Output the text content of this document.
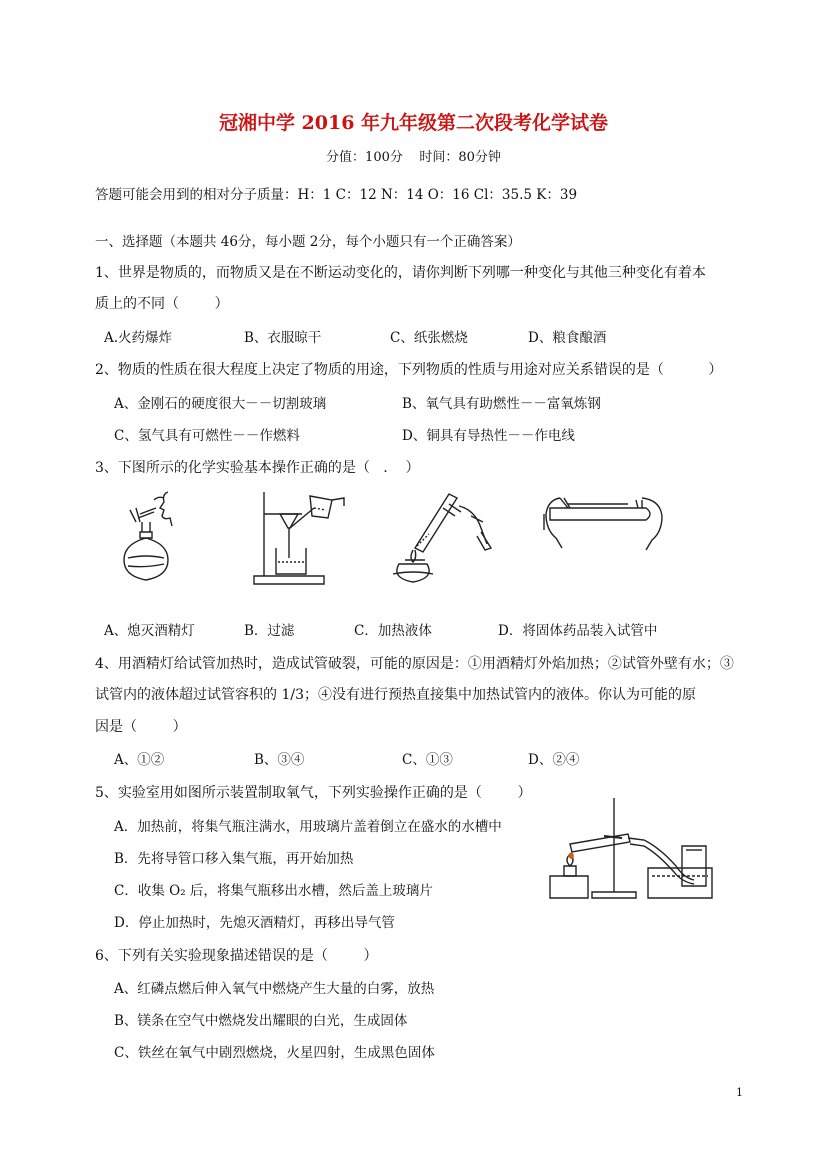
冠湘中学 2016 年九年级第二次段考化学试卷
分值：100分    时间：80分钟
答题可能会用到的相对分子质量：H：1 C：12 N：14 O：16 Cl：35.5 K：39
一、选择题（本题共 46分，每小题 2分，每个小题只有一个正确答案）
1、世界是物质的，而物质又是在不断运动变化的，请你判断下列哪一种变化与其他三种变化有着本
质上的不同（        ）
A.火药爆炸	B、衣服晾干	C、纸张燃烧	D、粮食酿酒
2、物质的性质在很大程度上决定了物质的用途，下列物质的性质与用途对应关系错误的是（          ）
A、金刚石的硬度很大－－切割玻璃	B、氧气具有助燃性－－富氧炼钢
C、氢气具有可燃性－－作燃料	D、铜具有导热性－－作电线
3、下图所示的化学实验基本操作正确的是（   .    ）
A、熄灭酒精灯	B．过滤	C．加热液体	D．将固体药品装入试管中
4、用酒精灯给试管加热时，造成试管破裂，可能的原因是：①用酒精灯外焰加热；②试管外壁有水；③
试管内的液体超过试管容积的 1/3；④没有进行预热直接集中加热试管内的液体。你认为可能的原
因是（        ）
A、①②	B、③④	C、①③	D、②④
5、实验室用如图所示装置制取氧气，下列实验操作正确的是（        ）
A．加热前，将集气瓶注满水，用玻璃片盖着倒立在盛水的水槽中
B．先将导管口移入集气瓶，再开始加热
C．收集 O₂ 后，将集气瓶移出水槽，然后盖上玻璃片
D．停止加热时，先熄灭酒精灯，再移出导气管
6、下列有关实验现象描述错误的是（        ）
A、红磷点燃后伸入氧气中燃烧产生大量的白雾，放热
B、镁条在空气中燃烧发出耀眼的白光，生成固体
C、铁丝在氧气中剧烈燃烧，火星四射，生成黑色固体
1
